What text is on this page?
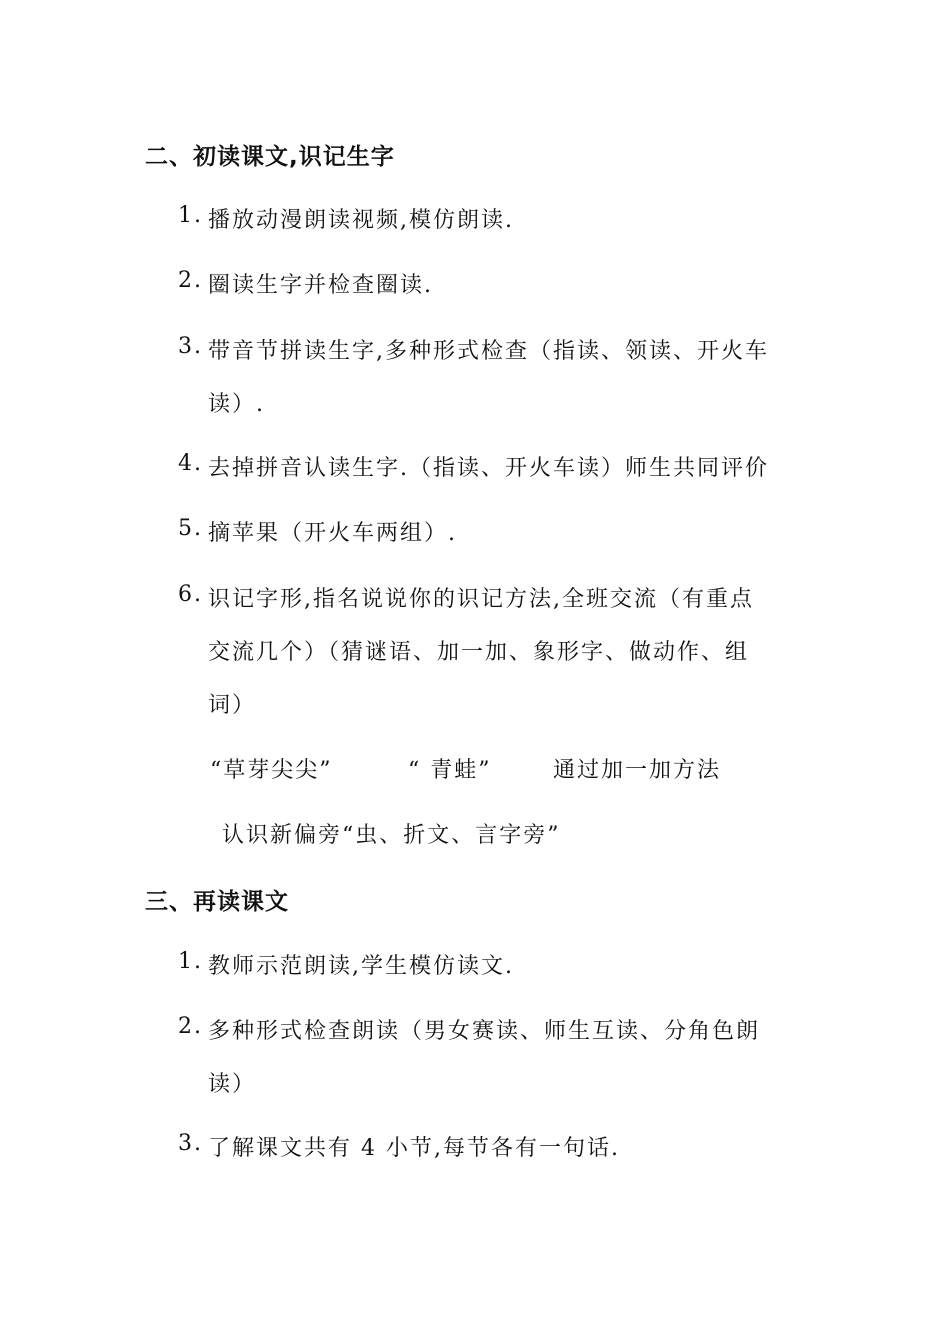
二、初读课文,识记生字
1. 播放动漫朗读视频,模仿朗读.
2. 圈读生字并检查圈读.
3. 带音节拼读生字,多种形式检查（指读、领读、开火车
读）.
4. 去掉拼音认读生字.（指读、开火车读）师生共同评价
5. 摘苹果（开火车两组）.
6. 识记字形,指名说说你的识记方法,全班交流（有重点
交流几个）（猜谜语、加一加、象形字、做动作、组
词）
“草芽尖尖”	“ 青蛙”	通过加一加方法
认识新偏旁“虫、折文、言字旁”
三、再读课文
1. 教师示范朗读,学生模仿读文.
2. 多种形式检查朗读（男女赛读、师生互读、分角色朗
读）
3. 了解课文共有 4 小节,每节各有一句话.
